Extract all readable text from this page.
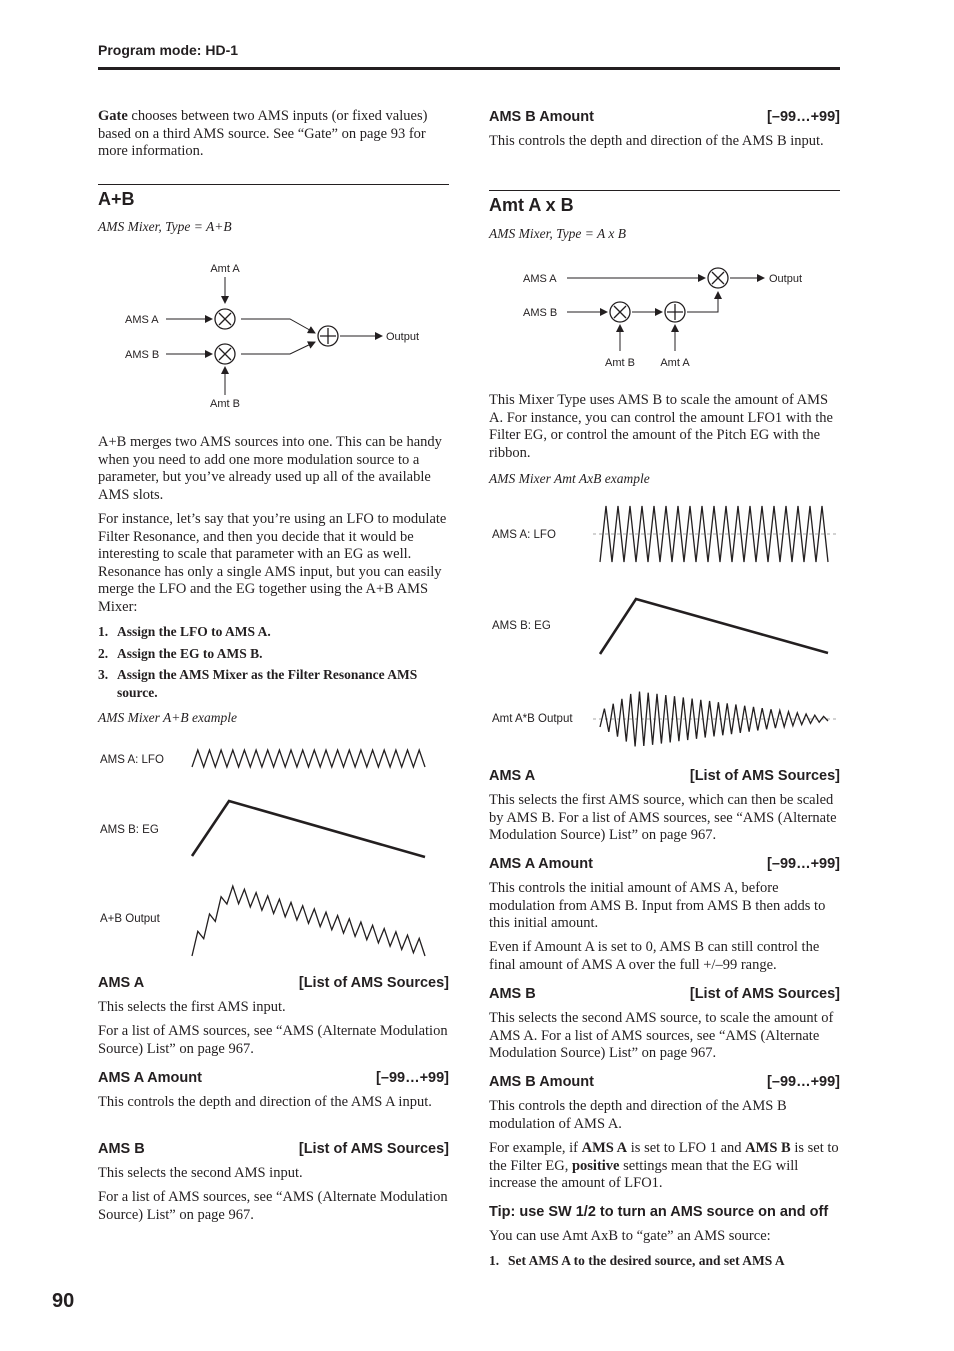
Program mode: HD-1

Gate chooses between two AMS inputs (or fixed values) based on a third AMS source. See “Gate” on page 93 for more information.

A+B

AMS Mixer, Type = A+B

Amt A
AMS A
AMS B
Amt B
Output

A+B merges two AMS sources into one. This can be handy when you need to add one more modulation source to a parameter, but you’ve already used up all of the available AMS slots.

For instance, let’s say that you’re using an LFO to modulate Filter Resonance, and then you decide that it would be interesting to scale that parameter with an EG as well. Resonance has only a single AMS input, but you can easily merge the LFO and the EG together using the A+B AMS Mixer:

1. Assign the LFO to AMS A.
2. Assign the EG to AMS B.
3. Assign the AMS Mixer as the Filter Resonance AMS source.

AMS Mixer A+B example

AMS A: LFO
AMS B: EG
A+B Output
AMS A	[List of AMS Sources]

This selects the first AMS input.

For a list of AMS sources, see “AMS (Alternate Modulation Source) List” on page 967.

AMS A Amount	[–99…+99]

This controls the depth and direction of the AMS A input.

AMS B	[List of AMS Sources]

This selects the second AMS input.

For a list of AMS sources, see “AMS (Alternate Modulation Source) List” on page 967.

AMS B Amount	[–99…+99]

This controls the depth and direction of the AMS B input.

Amt A x B

AMS Mixer, Type = A x B

AMS A	Output
AMS B
Amt B Amt A

This Mixer Type uses AMS B to scale the amount of AMS A. For instance, you can control the amount LFO1 with the Filter EG, or control the amount of the Pitch EG with the ribbon.

AMS Mixer Amt AxB example

AMS A: LFO
AMS B: EG
Amt A*B Output
AMS A	[List of AMS Sources]

This selects the first AMS source, which can then be scaled by AMS B. For a list of AMS sources, see “AMS (Alternate Modulation Source) List” on page 967.

AMS A Amount	[–99…+99]

This controls the initial amount of AMS A, before modulation from AMS B. Input from AMS B then adds to this initial amount.

Even if Amount A is set to 0, AMS B can still control the final amount of AMS A over the full +/–99 range.

AMS B	[List of AMS Sources]

This selects the second AMS source, to scale the amount of AMS A. For a list of AMS sources, see “AMS (Alternate Modulation Source) List” on page 967.

AMS B Amount	[–99…+99]

This controls the depth and direction of the AMS B modulation of AMS A.

For example, if AMS A is set to LFO 1 and AMS B is set to the Filter EG, positive settings mean that the EG will increase the amount of LFO1.

Tip: use SW 1/2 to turn an AMS source on and off

You can use Amt AxB to “gate” an AMS source:

1. Set AMS A to the desired source, and set AMS A
90
